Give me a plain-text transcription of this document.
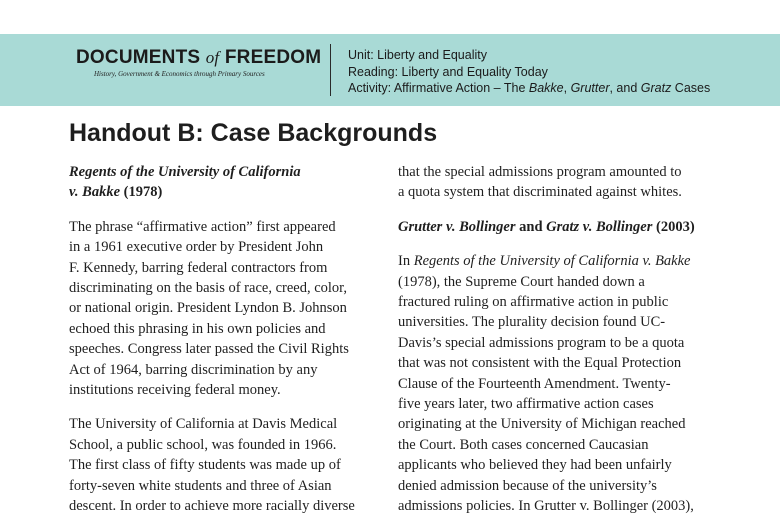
DOCUMENTS of FREEDOM
History, Government & Economics through Primary Sources
Unit: Liberty and Equality
Reading: Liberty and Equality Today
Activity: Affirmative Action – The Bakke, Grutter, and Gratz Cases
Handout B: Case Backgrounds

Regents of the University of California
v. Bakke (1978)

The phrase “affirmative action” first appeared
in a 1961 executive order by President John
F. Kennedy, barring federal contractors from
discriminating on the basis of race, creed, color,
or national origin. President Lyndon B. Johnson
echoed this phrasing in his own policies and
speeches. Congress later passed the Civil Rights
Act of 1964, barring discrimination by any
institutions receiving federal money.

The University of California at Davis Medical
School, a public school, was founded in 1966.
The first class of fifty students was made up of
forty-seven white students and three of Asian
descent. In order to achieve more racially diverse

that the special admissions program amounted to
a quota system that discriminated against whites.

Grutter v. Bollinger and Gratz v. Bollinger (2003)

In Regents of the University of California v. Bakke
(1978), the Supreme Court handed down a
fractured ruling on affirmative action in public
universities. The plurality decision found UC-
Davis’s special admissions program to be a quota
that was not consistent with the Equal Protection
Clause of the Fourteenth Amendment. Twenty-
five years later, two affirmative action cases
originating at the University of Michigan reached
the Court. Both cases concerned Caucasian
applicants who believed they had been unfairly
denied admission because of the university’s
admissions policies. In Grutter v. Bollinger (2003),
